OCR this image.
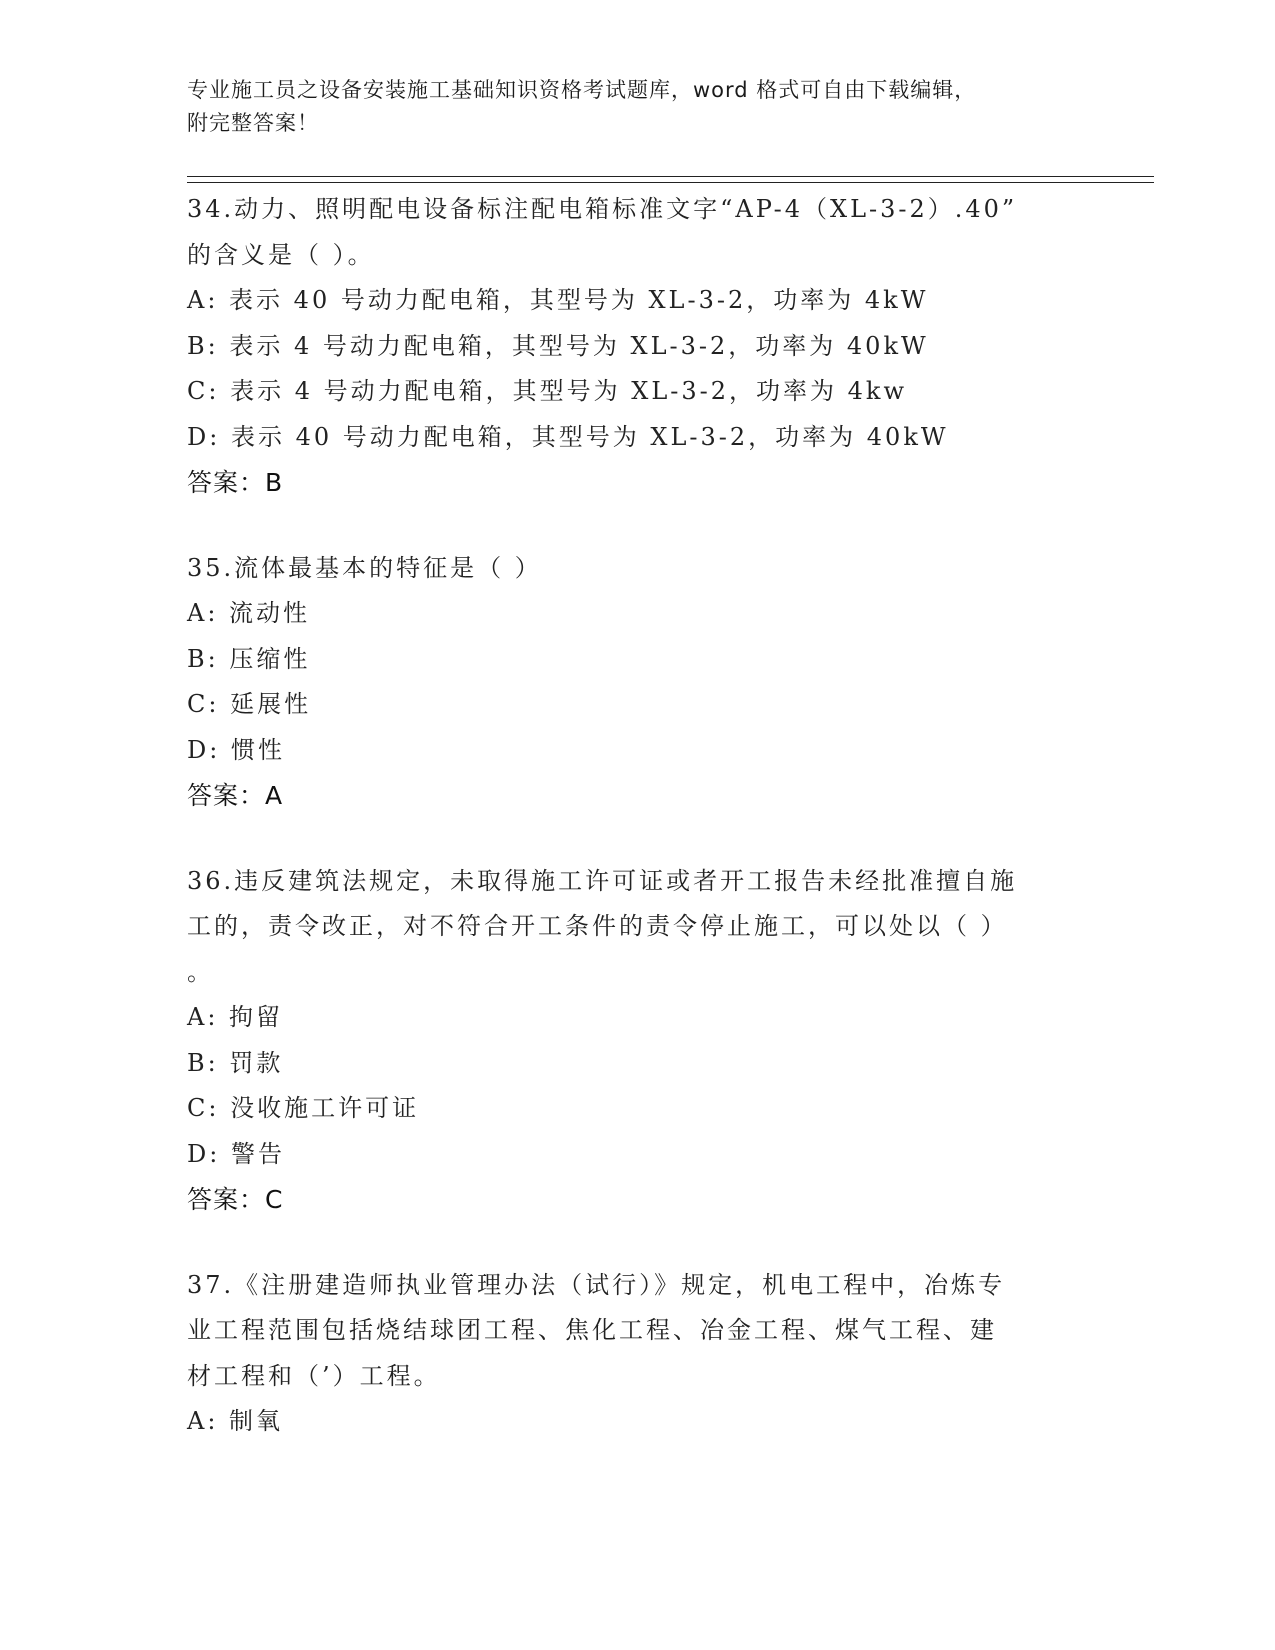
专业施工员之设备安装施工基础知识资格考试题库，word 格式可自由下载编辑，

附完整答案！

34.动力、照明配电设备标注配电箱标准文字“AP-4（XL-3-2）.40”
的含义是（ ）。
A: 表示 40 号动力配电箱，其型号为 XL-3-2，功率为 4kW
B: 表示 4 号动力配电箱，其型号为 XL-3-2，功率为 40kW
C: 表示 4 号动力配电箱，其型号为 XL-3-2，功率为 4kw
D: 表示 40 号动力配电箱，其型号为 XL-3-2，功率为 40kW
答案：B
35.流体最基本的特征是（ ）
A: 流动性
B: 压缩性
C: 延展性
D: 惯性
答案：A
36.违反建筑法规定，未取得施工许可证或者开工报告未经批准擅自施
工的，责令改正，对不符合开工条件的责令停止施工，可以处以（ ）
。
A: 拘留
B: 罚款
C: 没收施工许可证
D: 警告
答案：C
37.《注册建造师执业管理办法（试行）》规定，机电工程中，冶炼专
业工程范围包括烧结球团工程、焦化工程、冶金工程、煤气工程、建
材工程和（’）工程。
A: 制氧
